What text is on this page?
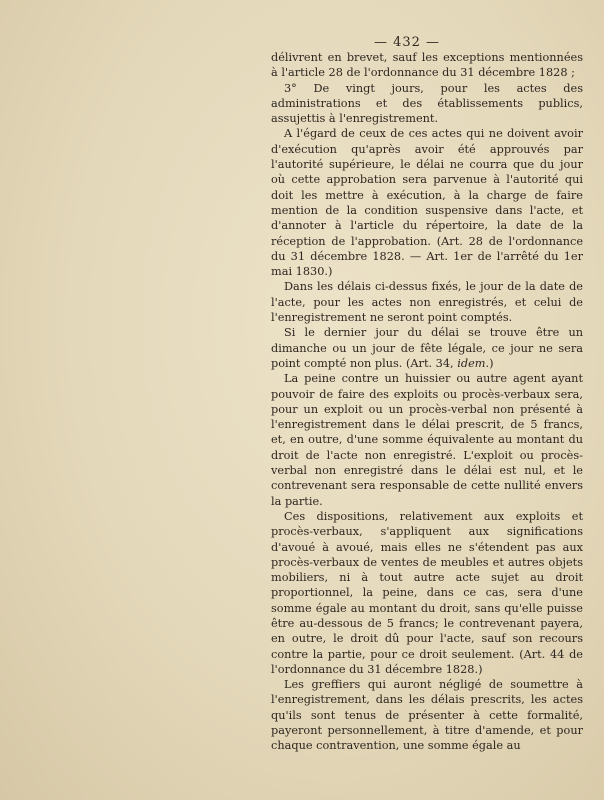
— 432 —

délivrent en brevet, sauf les exceptions mentionnées à l'article 28 de l'ordonnance du 31 décembre 1828 ;

3° De vingt jours, pour les actes des administrations et des établissements publics, assujettis à l'enregistrement.

A l'égard de ceux de ces actes qui ne doivent avoir d'exécution qu'après avoir été approuvés par l'autorité supérieure, le délai ne courra que du jour où cette approbation sera parvenue à l'autorité qui doit les mettre à exécution, à la charge de faire mention de la condition suspensive dans l'acte, et d'annoter à l'article du répertoire, la date de la réception de l'approbation. (Art. 28 de l'ordonnance du 31 décembre 1828. — Art. 1er de l'arrêté du 1er mai 1830.)

Dans les délais ci-dessus fixés, le jour de la date de l'acte, pour les actes non enregistrés, et celui de l'enregistrement ne seront point comptés.

Si le dernier jour du délai se trouve être un dimanche ou un jour de fête légale, ce jour ne sera point compté non plus. (Art. 34, idem.)

La peine contre un huissier ou autre agent ayant pouvoir de faire des exploits ou procès-verbaux sera, pour un exploit ou un procès-verbal non présenté à l'enregistrement dans le délai prescrit, de 5 francs, et, en outre, d'une somme équivalente au montant du droit de l'acte non enregistré. L'exploit ou procès-verbal non enregistré dans le délai est nul, et le contrevenant sera responsable de cette nullité envers la partie.

Ces dispositions, relativement aux exploits et procès-verbaux, s'appliquent aux significations d'avoué à avoué, mais elles ne s'étendent pas aux procès-verbaux de ventes de meubles et autres objets mobiliers, ni à tout autre acte sujet au droit proportionnel, la peine, dans ce cas, sera d'une somme égale au montant du droit, sans qu'elle puisse être au-dessous de 5 francs; le contrevenant payera, en outre, le droit dû pour l'acte, sauf son recours contre la partie, pour ce droit seulement. (Art. 44 de l'ordonnance du 31 décembre 1828.)

Les greffiers qui auront négligé de soumettre à l'enregistrement, dans les délais prescrits, les actes qu'ils sont tenus de présenter à cette formalité, payeront personnellement, à titre d'amende, et pour chaque contravention, une somme égale au
